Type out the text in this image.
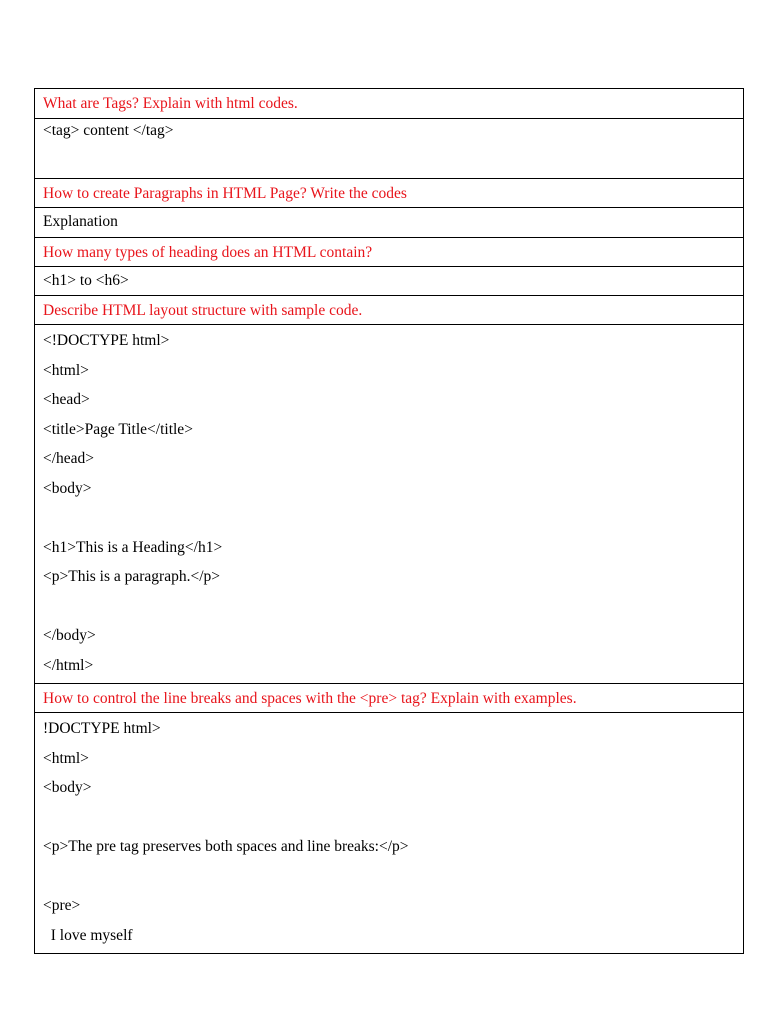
What are Tags? Explain with html codes.
<tag> content </tag>
How to create Paragraphs in HTML Page? Write the codes
Explanation
How many types of heading does an HTML contain?
<h1> to <h6>
Describe HTML layout structure with sample code.
<!DOCTYPE html>
<html>
<head>
<title>Page Title</title>
</head>
<body>
<h1>This is a Heading</h1>
<p>This is a paragraph.</p>
</body>
</html>
How to control the line breaks and spaces with the <pre> tag? Explain with examples.
!DOCTYPE html>
<html>
<body>
<p>The pre tag preserves both spaces and line breaks:</p>
<pre>
I love myself
